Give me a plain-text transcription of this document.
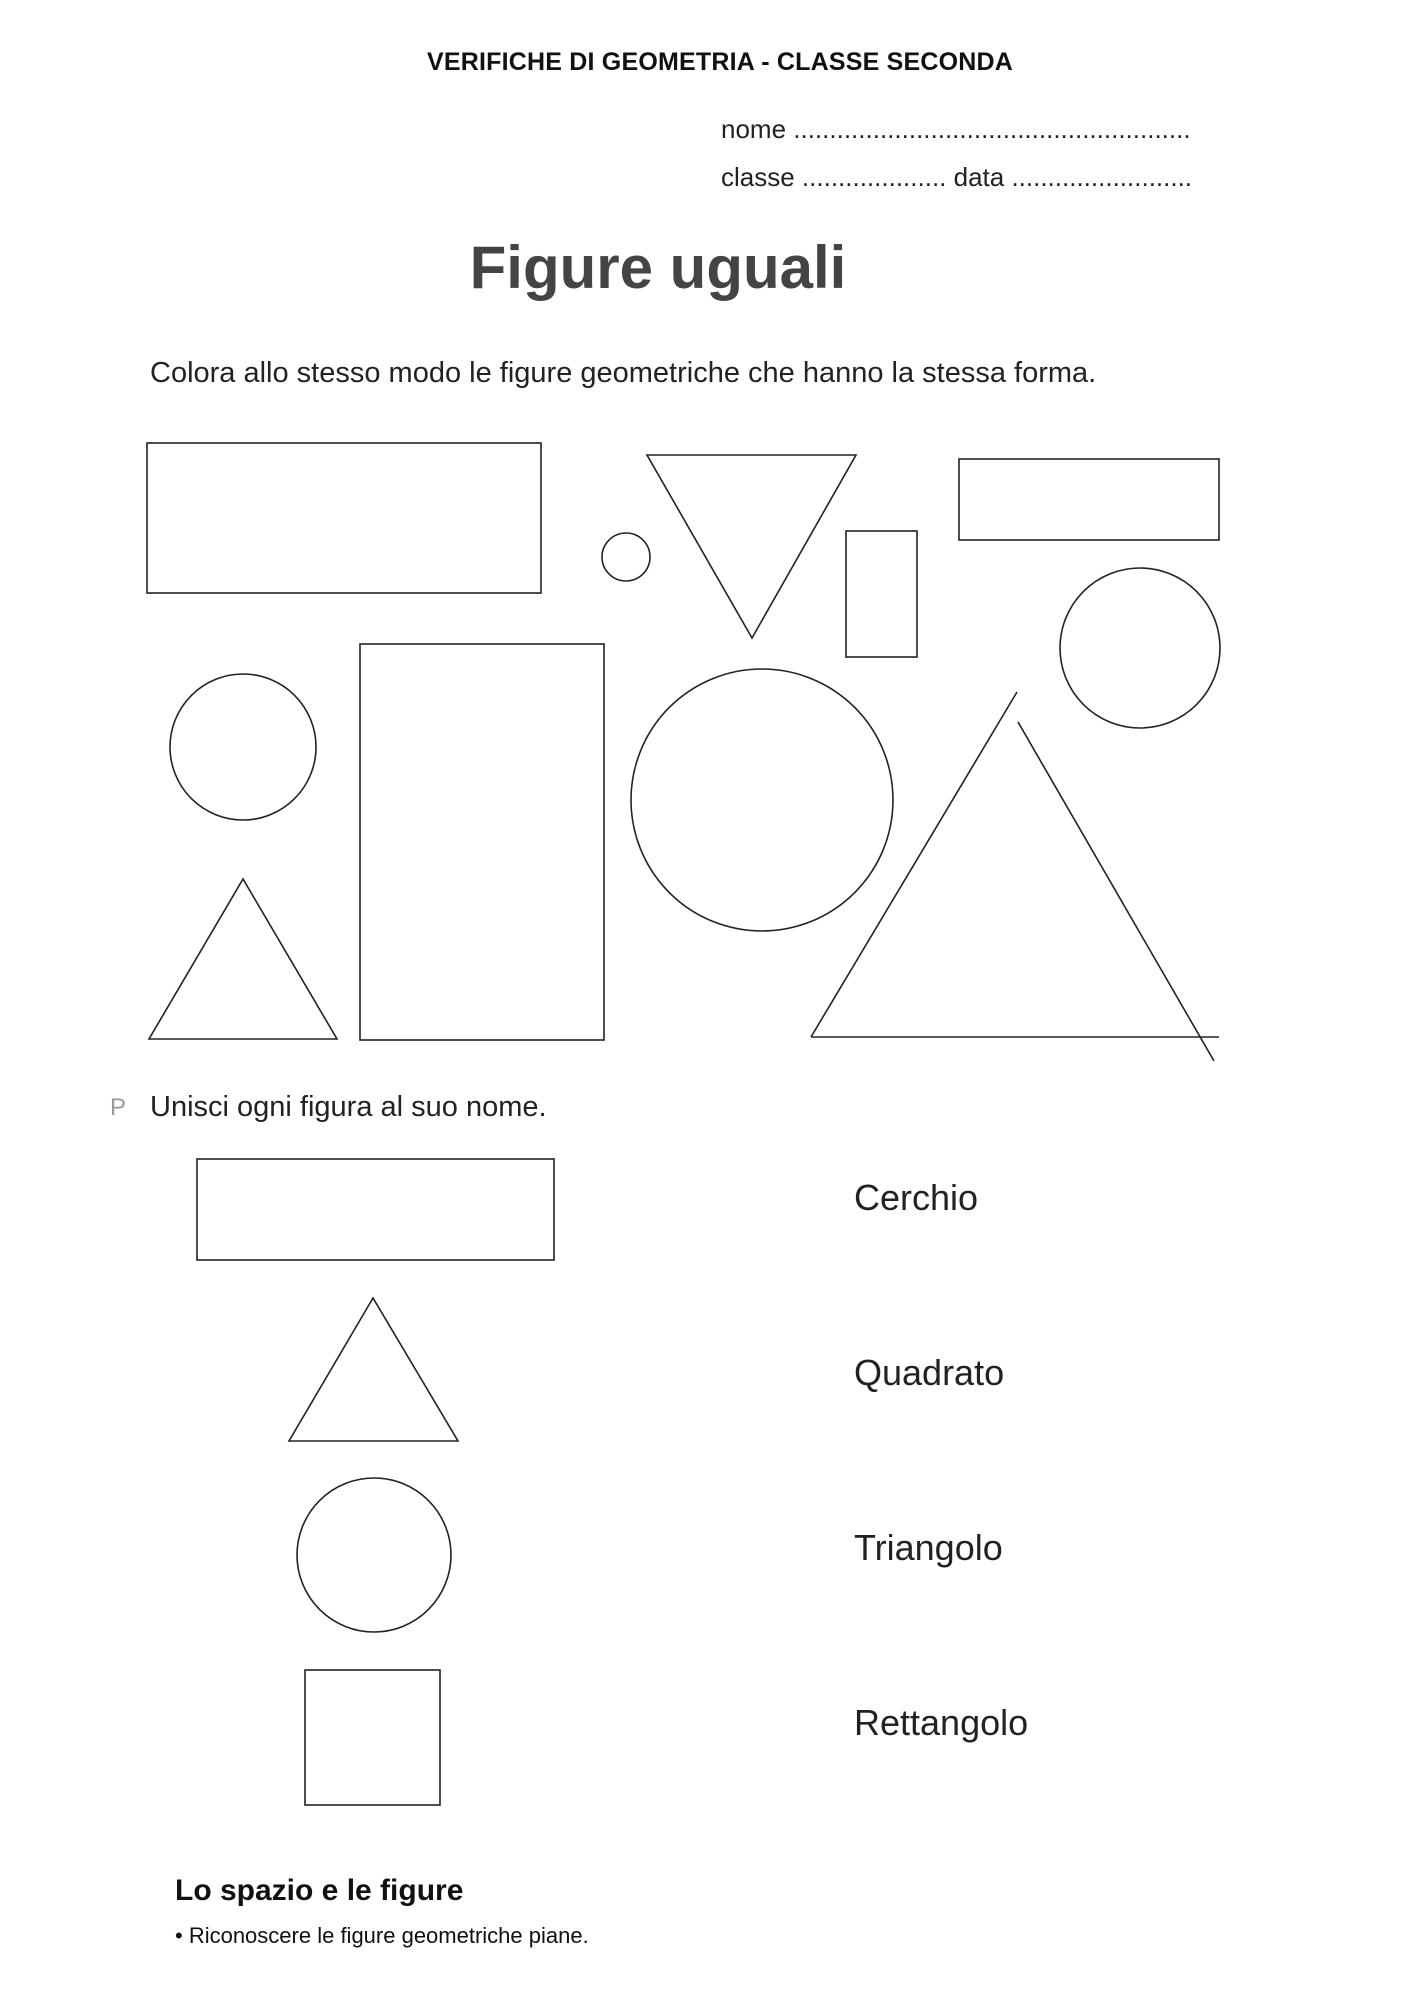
VERIFICHE DI GEOMETRIA - CLASSE SECONDA
nome .......................................................
classe .................... data .........................
Figure uguali
Colora allo stesso modo le figure geometriche che hanno la stessa forma.
P Unisci ogni figura al suo nome.
Cerchio
Quadrato
Triangolo
Rettangolo
Lo spazio e le figure
• Riconoscere le figure geometriche piane.
